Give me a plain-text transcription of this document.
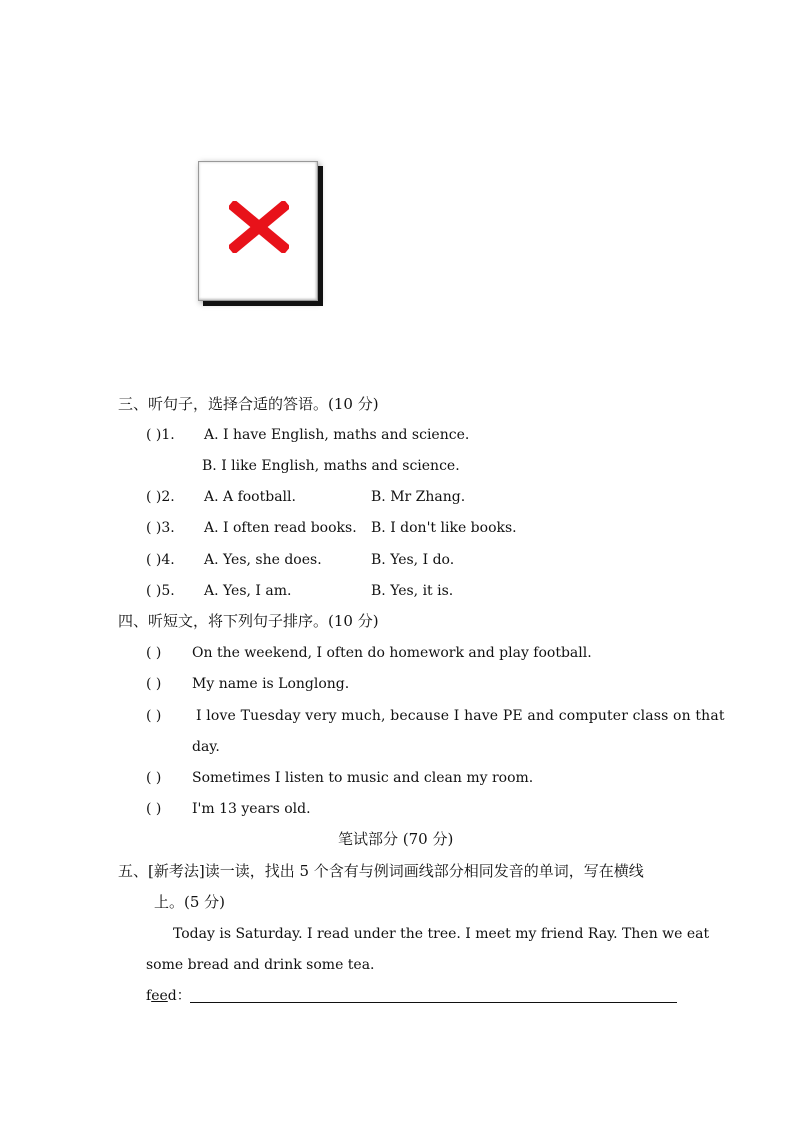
三、听句子，选择合适的答语。(10 分)
( )1. A. I have English, maths and science.
B. I like English, maths and science.
( )2. A. A football.	B. Mr Zhang.
( )3. A. I often read books. B. I don't like books.
( )4. A. Yes, she does.	B. Yes, I do.
( )5. A. Yes, I am.	B. Yes, it is.
四、听短文，将下列句子排序。(10 分)
( ) On the weekend, I often do homework and play football.
( ) My name is Longlong.
( ) I love Tuesday very much, because I have PE and computer class on that
day.
( ) Sometimes I listen to music and clean my room.
( ) I'm 13 years old.
笔试部分 (70 分)
五、[新考法]读一读，找出 5 个含有与例词画线部分相同发音的单词，写在横线
上。(5 分)
Today is Saturday. I read under the tree. I meet my friend Ray. Then we eat
some bread and drink some tea.
feed：
